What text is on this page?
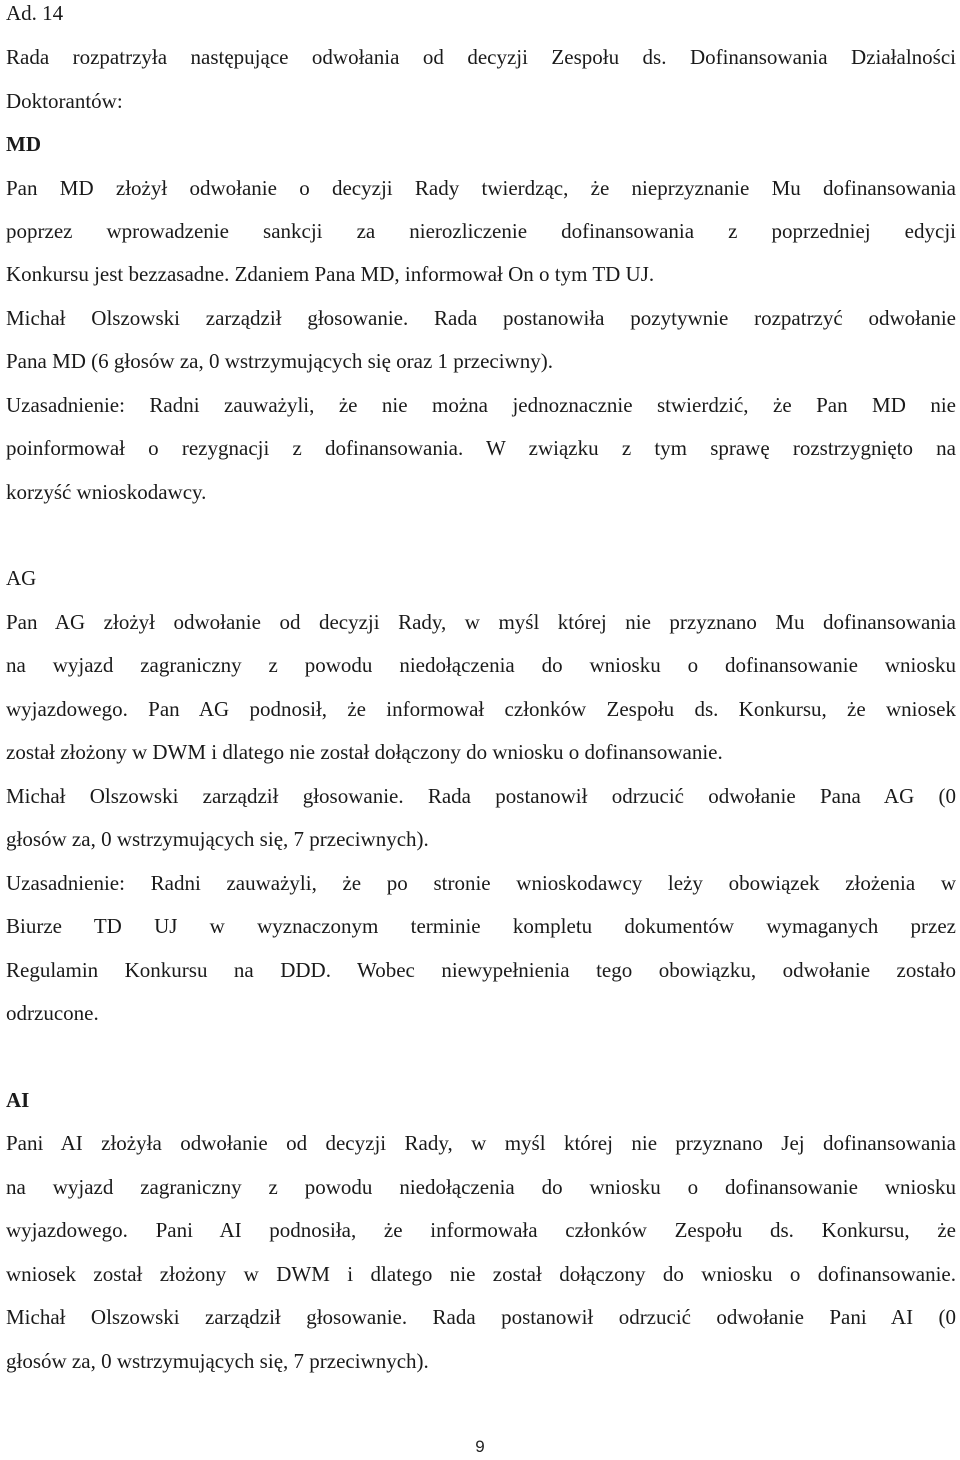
Ad. 14
Rada rozpatrzyła następujące odwołania od decyzji Zespołu ds. Dofinansowania Działalności
Doktorantów:
MD
Pan MD złożył odwołanie o decyzji Rady twierdząc, że nieprzyznanie Mu dofinansowania
poprzez wprowadzenie sankcji za nierozliczenie dofinansowania z poprzedniej edycji
Konkursu jest bezzasadne. Zdaniem Pana MD, informował On o tym TD UJ.
Michał Olszowski zarządził głosowanie. Rada postanowiła pozytywnie rozpatrzyć odwołanie
Pana MD (6 głosów za, 0 wstrzymujących się oraz 1 przeciwny).
Uzasadnienie: Radni zauważyli, że nie można jednoznacznie stwierdzić, że Pan MD nie
poinformował o rezygnacji z dofinansowania. W związku z tym sprawę rozstrzygnięto na
korzyść wnioskodawcy.
AG
Pan AG złożył odwołanie od decyzji Rady, w myśl której nie przyznano Mu dofinansowania
na wyjazd zagraniczny z powodu niedołączenia do wniosku o dofinansowanie wniosku
wyjazdowego. Pan AG podnosił, że informował członków Zespołu ds. Konkursu, że wniosek
został złożony w DWM i dlatego nie został dołączony do wniosku o dofinansowanie.
Michał Olszowski zarządził głosowanie. Rada postanowił odrzucić odwołanie Pana AG (0
głosów za, 0 wstrzymujących się, 7 przeciwnych).
Uzasadnienie: Radni zauważyli, że po stronie wnioskodawcy leży obowiązek złożenia w
Biurze TD UJ w wyznaczonym terminie kompletu dokumentów wymaganych przez
Regulamin Konkursu na DDD. Wobec niewypełnienia tego obowiązku, odwołanie zostało
odrzucone.
AI
Pani AI złożyła odwołanie od decyzji Rady, w myśl której nie przyznano Jej dofinansowania
na wyjazd zagraniczny z powodu niedołączenia do wniosku o dofinansowanie wniosku
wyjazdowego. Pani AI podnosiła, że informowała członków Zespołu ds. Konkursu, że
wniosek został złożony w DWM i dlatego nie został dołączony do wniosku o dofinansowanie.
Michał Olszowski zarządził głosowanie. Rada postanowił odrzucić odwołanie Pani AI (0
głosów za, 0 wstrzymujących się, 7 przeciwnych).
9
